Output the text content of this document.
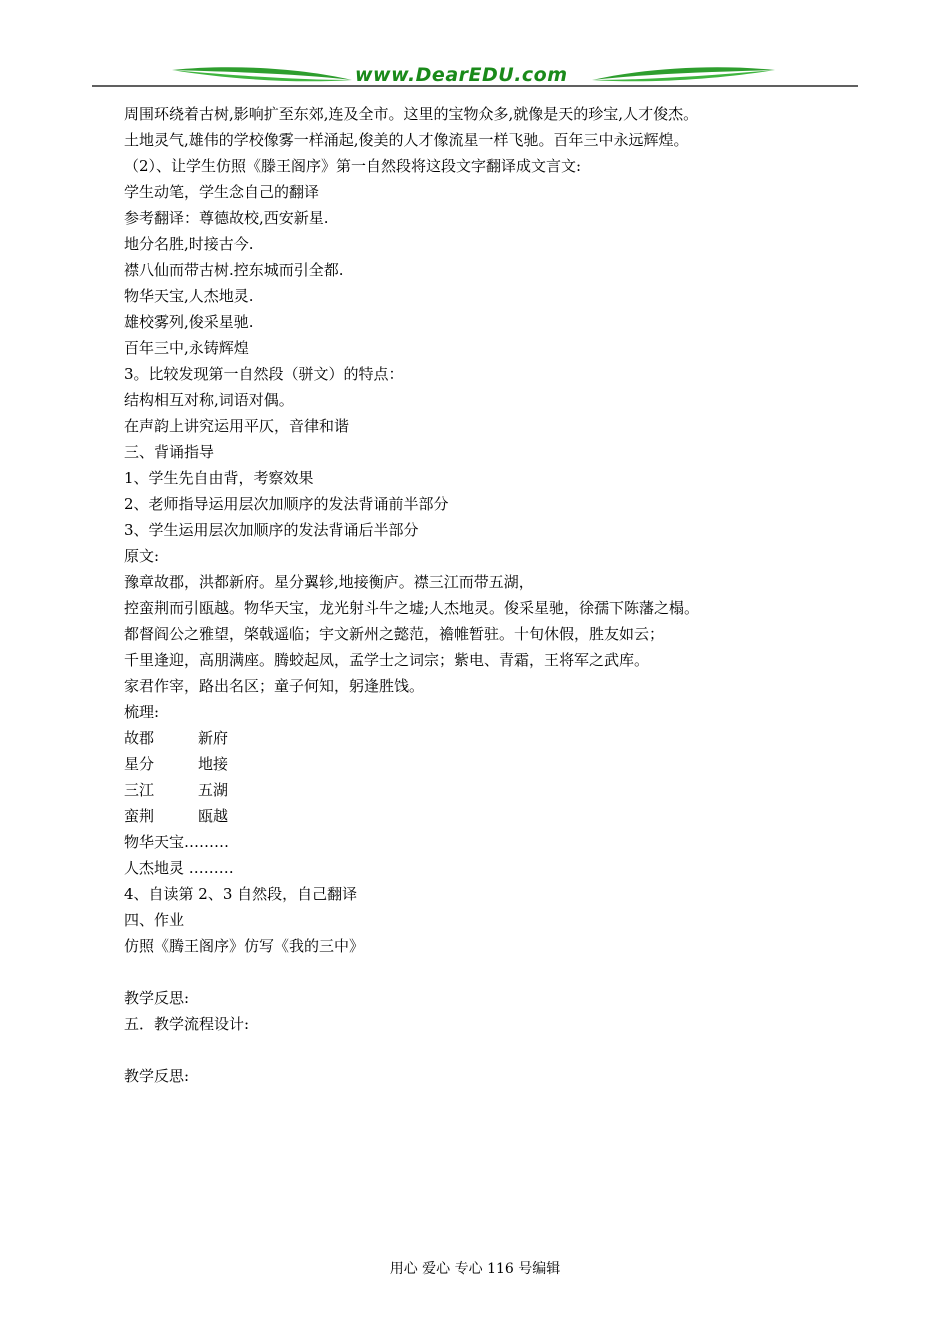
www.DearEDU.com
周围环绕着古树,影响扩至东郊,连及全市。这里的宝物众多,就像是天的珍宝,人才俊杰。
土地灵气,雄伟的学校像雾一样涌起,俊美的人才像流星一样飞驰。百年三中永远辉煌。
（2）、让学生仿照《滕王阁序》第一自然段将这段文字翻译成文言文:
学生动笔，学生念自己的翻译
参考翻译：尊德故校,西安新星.
地分名胜,时接古今.
襟八仙而带古树.控东城而引全都.
物华天宝,人杰地灵.
雄校雾列,俊采星驰.
百年三中,永铸辉煌
3。比较发现第一自然段（骈文）的特点：
结构相互对称,词语对偶。
在声韵上讲究运用平仄，音律和谐
三、背诵指导
1、学生先自由背，考察效果
2、老师指导运用层次加顺序的发法背诵前半部分
3、学生运用层次加顺序的发法背诵后半部分
原文:
豫章故郡，洪都新府。星分翼轸,地接衡庐。襟三江而带五湖，
控蛮荆而引瓯越。物华天宝，龙光射斗牛之墟;人杰地灵。俊采星驰，徐孺下陈藩之榻。
都督阎公之雅望，棨戟遥临；宇文新州之懿范，襜帷暂驻。十旬休假，胜友如云；
千里逢迎，高朋满座。腾蛟起凤，孟学士之词宗；紫电、青霜，王将军之武库。
家君作宰，路出名区；童子何知，躬逢胜饯。
梳理:
故郡	新府
星分	地接
三江	五湖
蛮荆	瓯越
物华天宝………
人杰地灵 ………
4、自读第 2、3 自然段，自己翻译
四、作业
仿照《腾王阁序》仿写《我的三中》
教学反思:
五．教学流程设计:
教学反思:
用心 爱心 专心 116 号编辑
